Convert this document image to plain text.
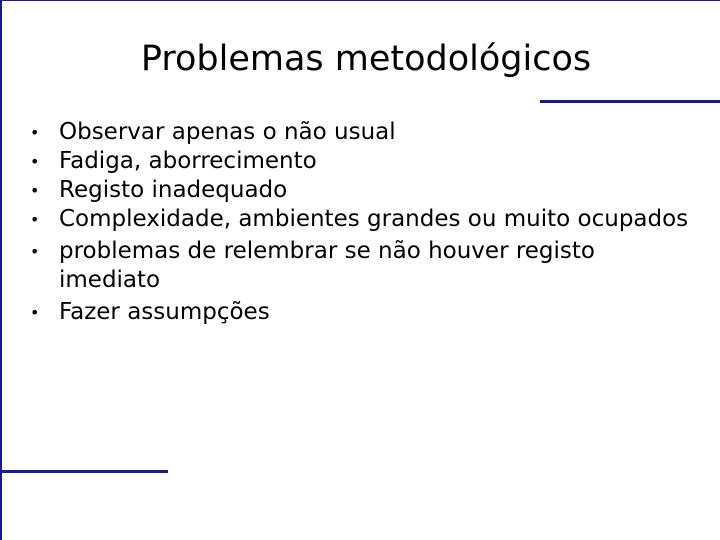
Problemas metodológicos
• Observar apenas o não usual
• Fadiga, aborrecimento
• Registo inadequado
• Complexidade, ambientes grandes ou muito ocupados
• problemas de relembrar se não houver registo imediato
• Fazer assumpções
